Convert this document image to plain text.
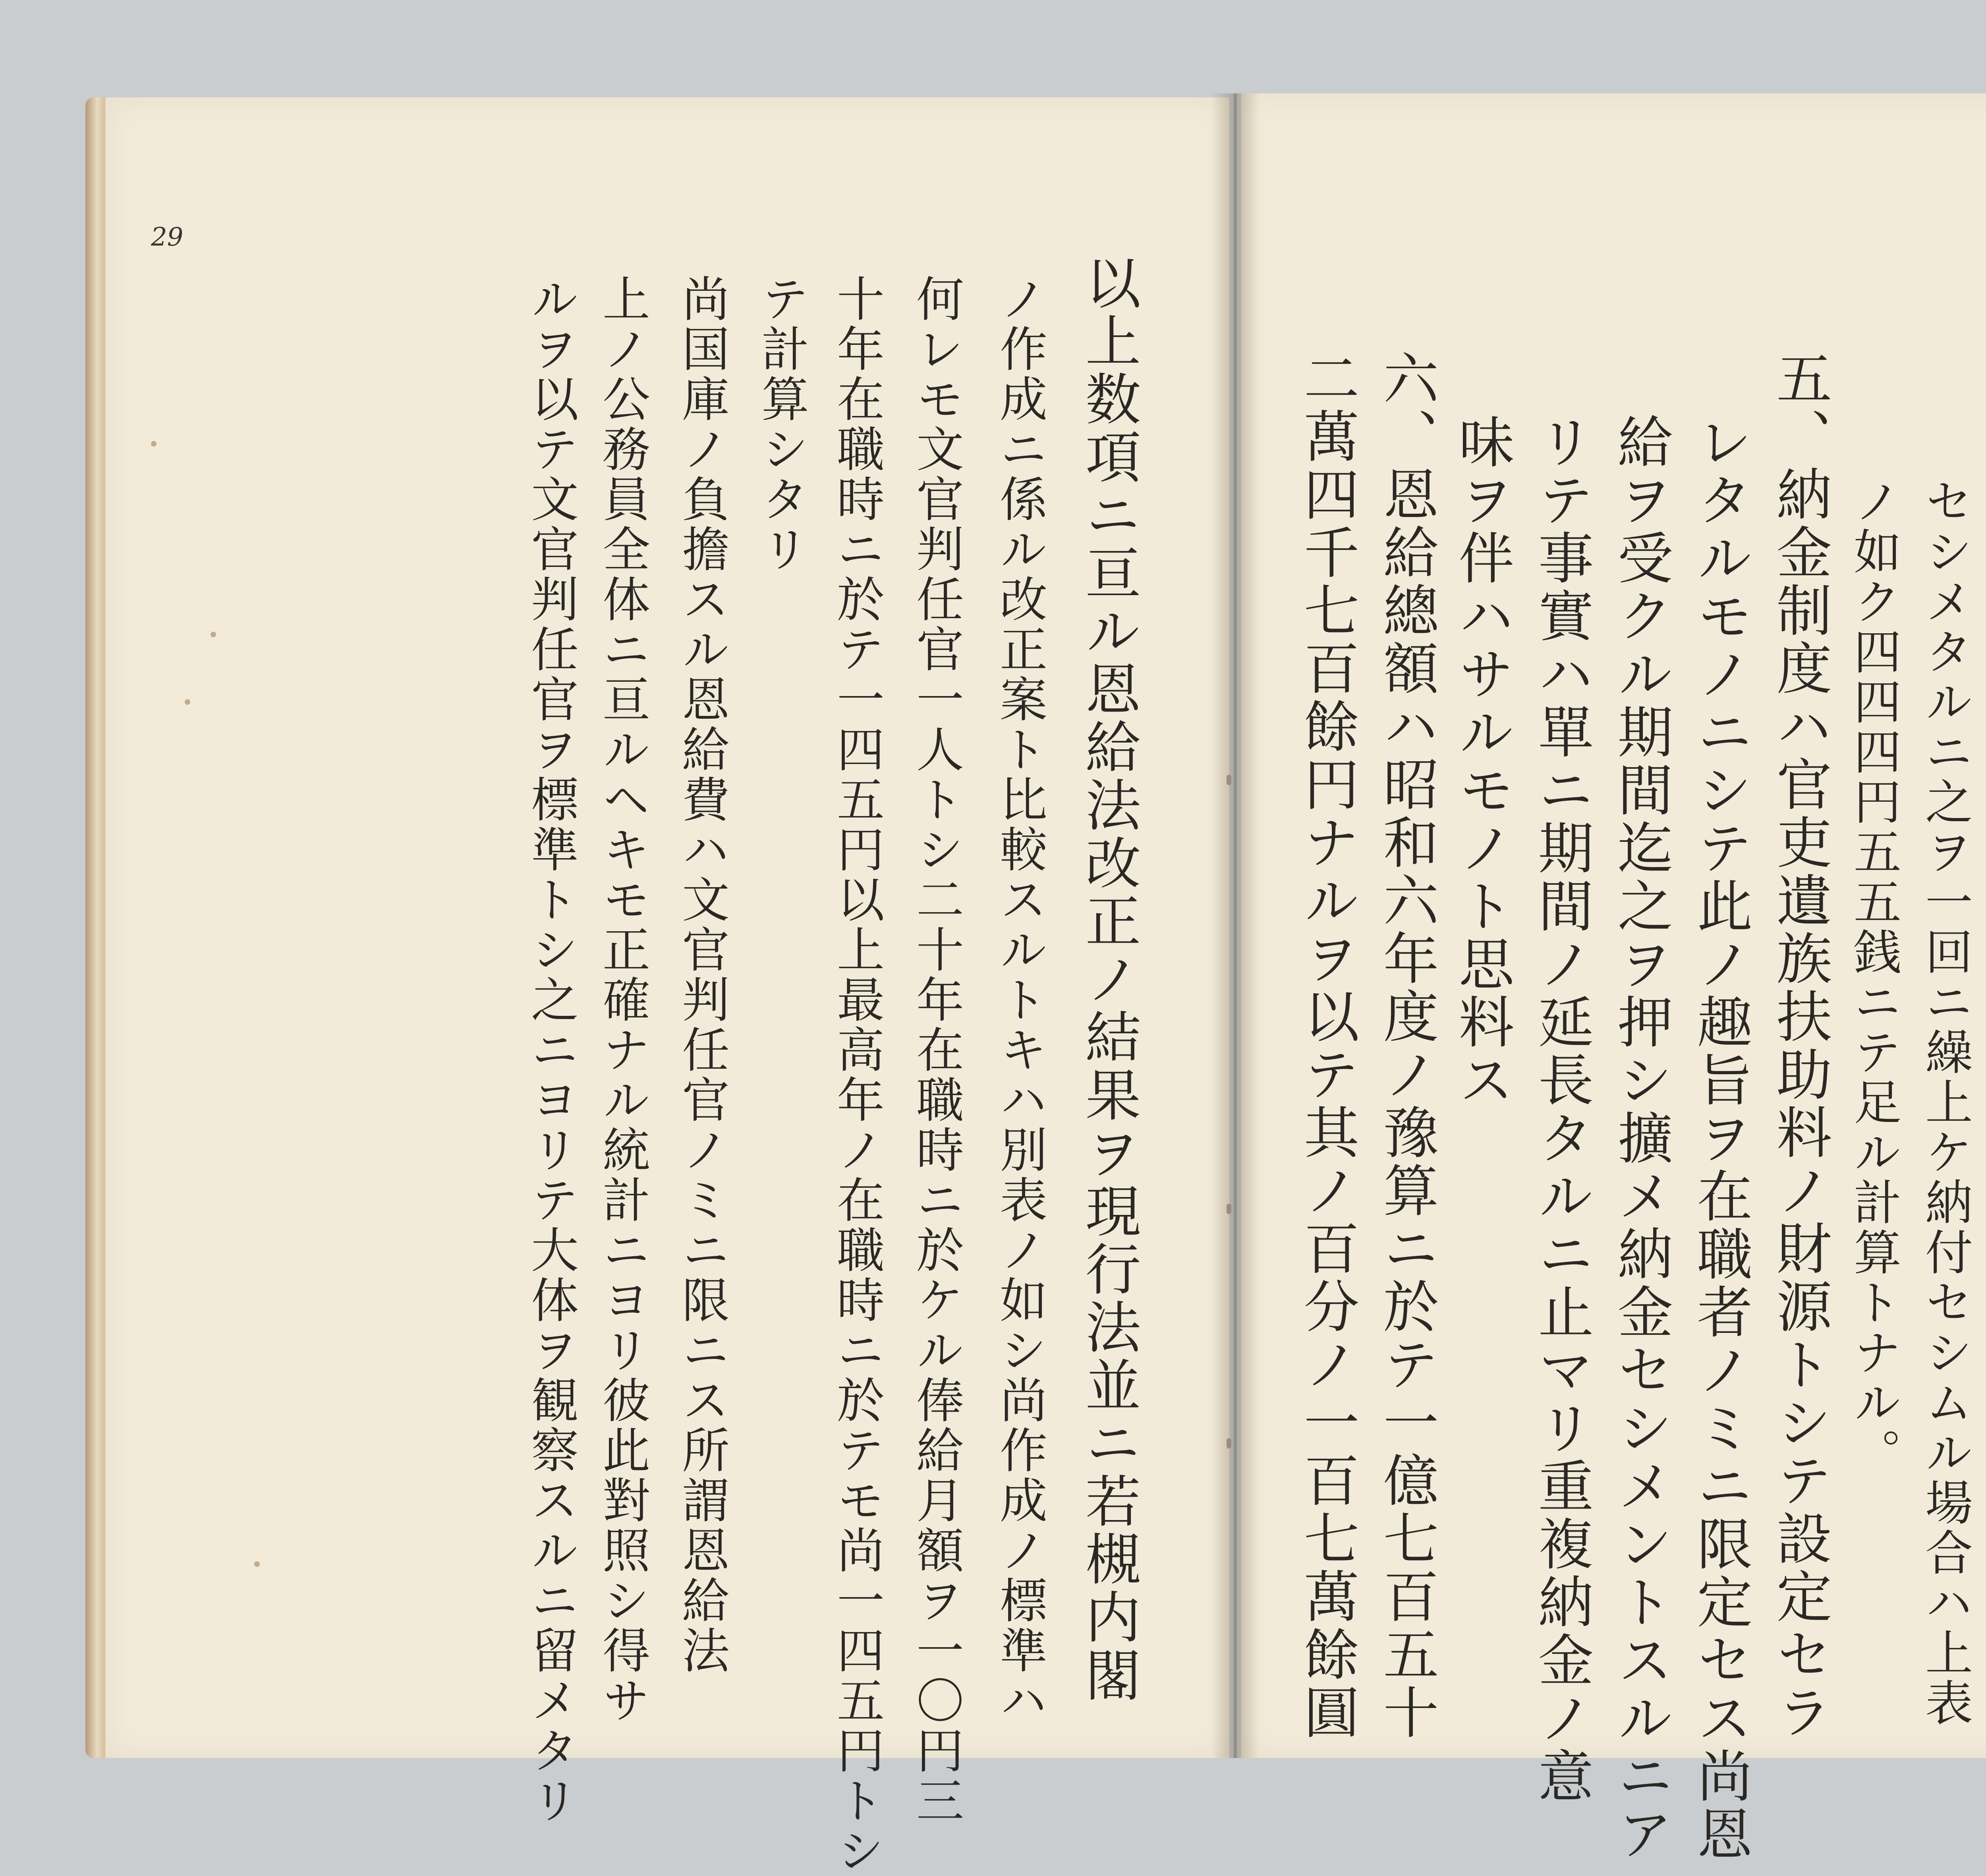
29
以上数項ニ亘ル恩給法改正ノ結果ヲ現行法並ニ若槻内閣
ノ作成ニ係ル改正案ト比較スルトキハ別表ノ如シ尚作成ノ標準ハ
何レモ文官判任官一人トシ二十年在職時ニ於ケル俸給月額ヲ一〇円三
十年在職時ニ於テ一四五円以上最高年ノ在職時ニ於テモ尚一四五円トシ
テ計算シタリ
尚国庫ノ負擔スル恩給費ハ文官判任官ノミニ限ニス所謂恩給法
上ノ公務員全体ニ亘ルヘキモ正確ナル統計ニヨリ彼此對照シ得サ
ルヲ以テ文官判任官ヲ標準トシ之ニヨリテ大体ヲ観察スルニ留メタリ	セシメタルニ之ヲ一回ニ繰上ケ納付セシムル場合ハ上表
ノ如ク四四四円五五銭ニテ足ル計算トナル。
五、納金制度ハ官吏遺族扶助料ノ財源トシテ設定セラ
レタルモノニシテ此ノ趣旨ヲ在職者ノミニ限定セス尚恩
給ヲ受クル期間迄之ヲ押シ擴メ納金セシメントスルニア
リテ事實ハ單ニ期間ノ延長タルニ止マリ重複納金ノ意
味ヲ伴ハサルモノト思料ス
六、恩給總額ハ昭和六年度ノ豫算ニ於テ一億七百五十
二萬四千七百餘円ナルヲ以テ其ノ百分ノ一百七萬餘圓
